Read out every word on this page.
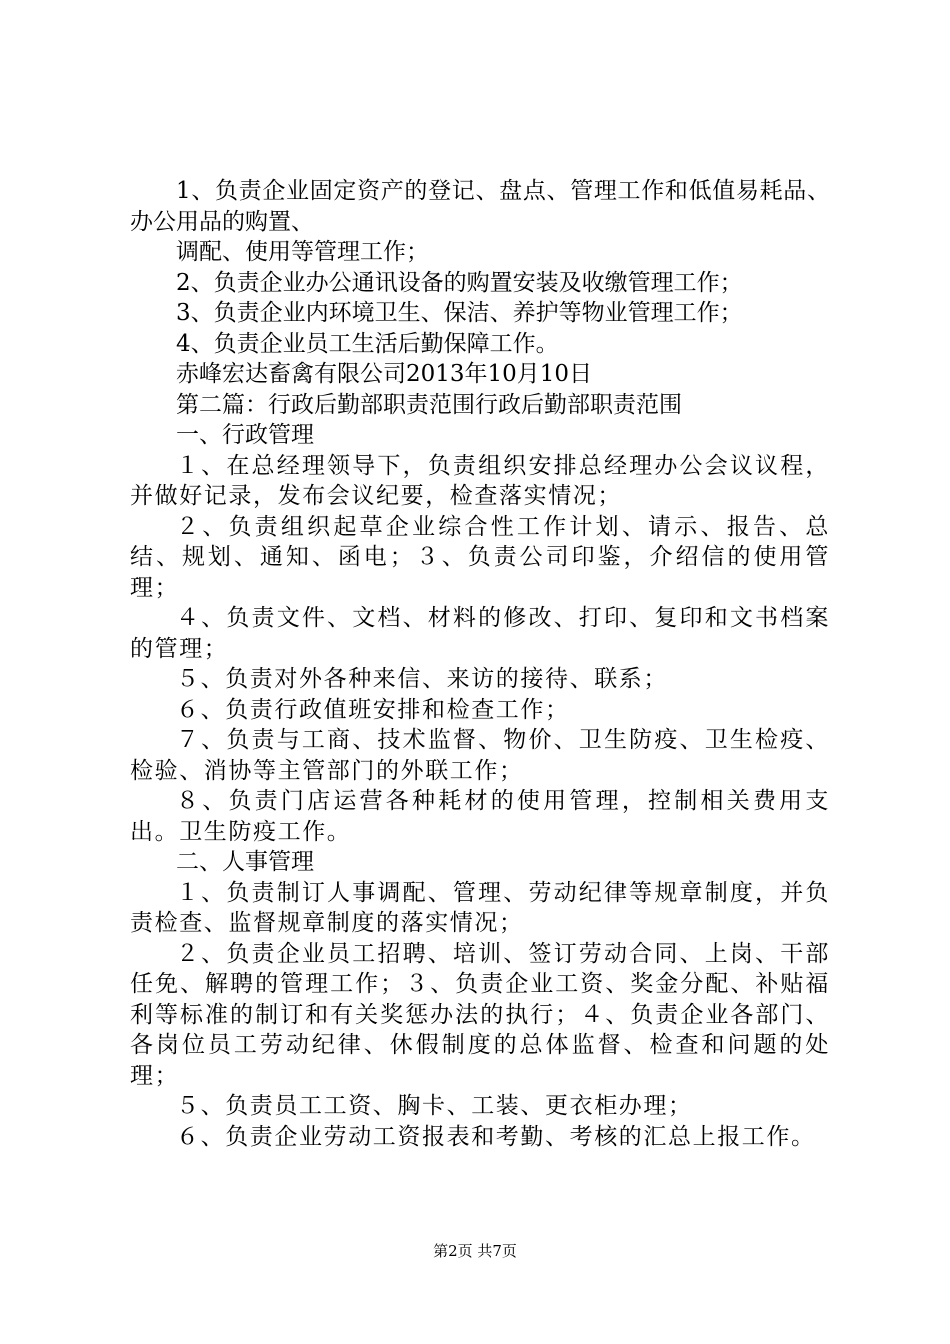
1、负责企业固定资产的登记、盘点、管理工作和低值易耗品、办公用品的购置、

调配、使用等管理工作；

2、负责企业办公通讯设备的购置安装及收缴管理工作；

3、负责企业内环境卫生、保洁、养护等物业管理工作；

4、负责企业员工生活后勤保障工作。

赤峰宏达畜禽有限公司2013年10月10日

第二篇：行政后勤部职责范围行政后勤部职责范围

一、行政管理

１、在总经理领导下，负责组织安排总经理办公会议议程，并做好记录，发布会议纪要，检查落实情况；

２、负责组织起草企业综合性工作计划、请示、报告、总结、规划、通知、函电；３、负责公司印鉴，介绍信的使用管理；

４、负责文件、文档、材料的修改、打印、复印和文书档案的管理；

５、负责对外各种来信、来访的接待、联系；

６、负责行政值班安排和检查工作；

７、负责与工商、技术监督、物价、卫生防疫、卫生检疫、检验、消协等主管部门的外联工作；

８、负责门店运营各种耗材的使用管理，控制相关费用支出。卫生防疫工作。

二、人事管理

１、负责制订人事调配、管理、劳动纪律等规章制度，并负责检查、监督规章制度的落实情况；

２、负责企业员工招聘、培训、签订劳动合同、上岗、干部任免、解聘的管理工作；３、负责企业工资、奖金分配、补贴福利等标准的制订和有关奖惩办法的执行；４、负责企业各部门、各岗位员工劳动纪律、休假制度的总体监督、检查和问题的处理；

５、负责员工工资、胸卡、工装、更衣柜办理；

６、负责企业劳动工资报表和考勤、考核的汇总上报工作。

第2页 共7页
